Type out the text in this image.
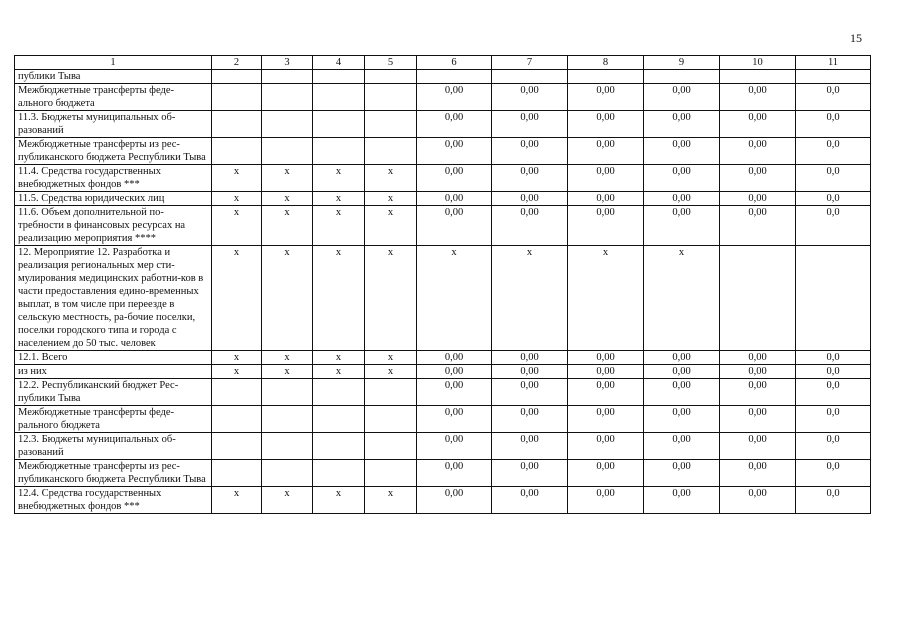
15
1	2	3	4	5	6	7	8	9	10	11
публики Тыва										
Межбюджетные трансферты феде-ального бюджета					0,00	0,00	0,00	0,00	0,00	0,0
11.3. Бюджеты муниципальных об-разований					0,00	0,00	0,00	0,00	0,00	0,0
Межбюджетные трансферты из рес-публиканского бюджета Республики Тыва					0,00	0,00	0,00	0,00	0,00	0,0
11.4. Средства государственных внебюджетных фондов ***	x	x	x	x	0,00	0,00	0,00	0,00	0,00	0,0
11.5. Средства юридических лиц	x	x	x	x	0,00	0,00	0,00	0,00	0,00	0,0
11.6. Объем дополнительной по-требности в финансовых ресурсах на реализацию мероприятия ****	x	x	x	x	0,00	0,00	0,00	0,00	0,00	0,0
12. Мероприятие 12. Разработка и реализация региональных мер сти-мулирования медицинских работни-ков в части предоставления едино-временных выплат, в том числе при переезде в сельскую местность, ра-бочие поселки, поселки городского типа и города с населением до 50 тыс. человек	x	x	x	x	x	x	x	x		
12.1. Всего	x	x	x	x	0,00	0,00	0,00	0,00	0,00	0,0
из них	x	x	x	x	0,00	0,00	0,00	0,00	0,00	0,0
12.2. Республиканский бюджет Рес-публики Тыва					0,00	0,00	0,00	0,00	0,00	0,0
Межбюджетные трансферты феде-рального бюджета					0,00	0,00	0,00	0,00	0,00	0,0
12.3. Бюджеты муниципальных об-разований					0,00	0,00	0,00	0,00	0,00	0,0
Межбюджетные трансферты из рес-публиканского бюджета Республики Тыва					0,00	0,00	0,00	0,00	0,00	0,0
12.4. Средства государственных внебюджетных фондов ***	x	x	x	x	0,00	0,00	0,00	0,00	0,00	0,0
